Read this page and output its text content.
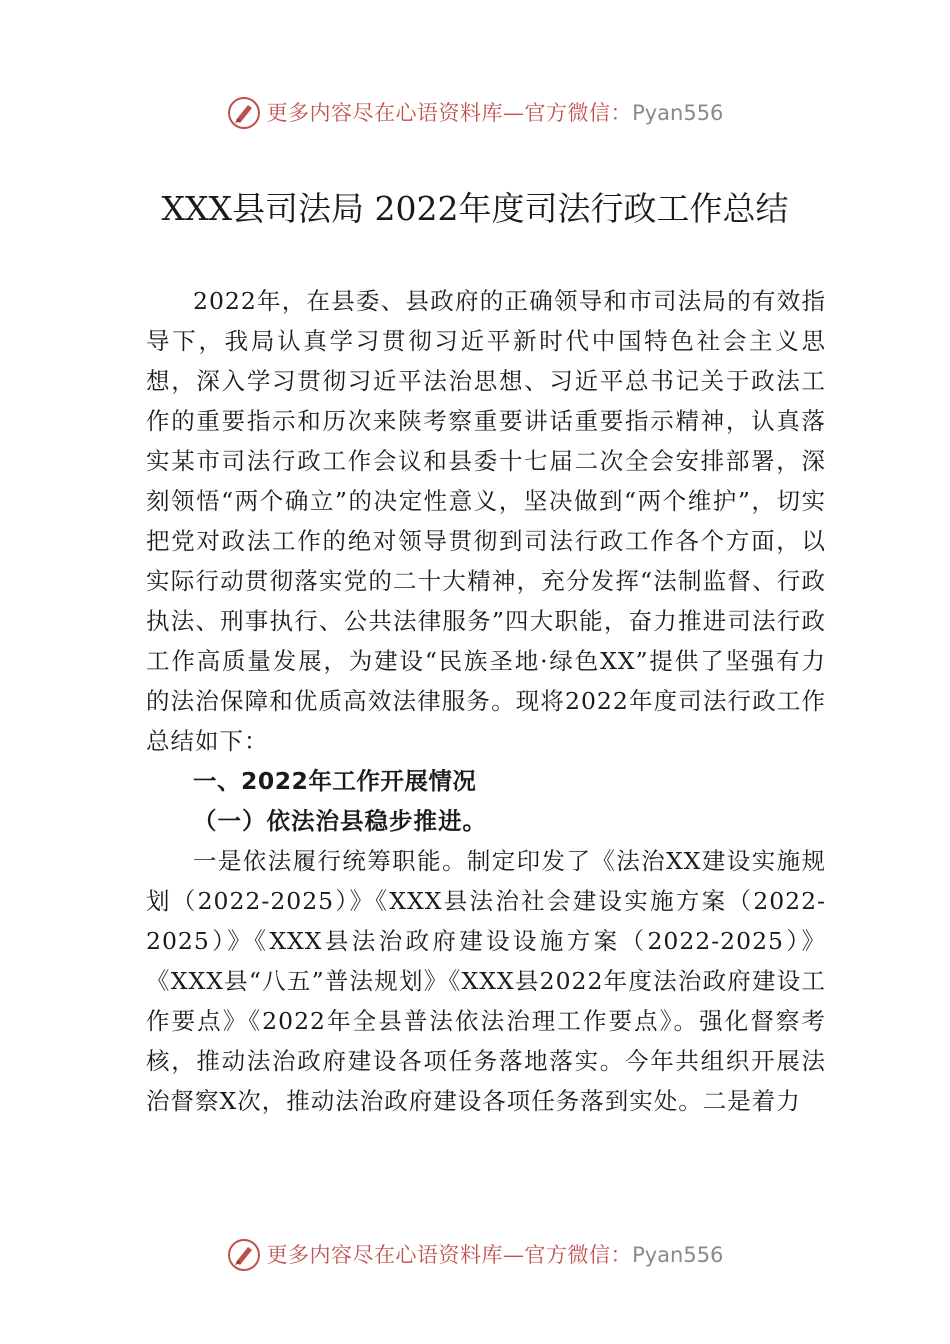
更多内容尽在心语资料库—官方微信： Pyan556
XXX县司法局 2022年度司法行政工作总结

2022年，在县委、县政府的正确领导和市司法局的有效指导下，我局认真学习贯彻习近平新时代中国特色社会主义思想，深入学习贯彻习近平法治思想、习近平总书记关于政法工作的重要指示和历次来陕考察重要讲话重要指示精神，认真落实某市司法行政工作会议和县委十七届二次全会安排部署，深刻领悟“两个确立”的决定性意义，坚决做到“两个维护”，切实把党对政法工作的绝对领导贯彻到司法行政工作各个方面，以实际行动贯彻落实党的二十大精神，充分发挥“法制监督、行政执法、刑事执行、公共法律服务”四大职能，奋力推进司法行政工作高质量发展，为建设“民族圣地·绿色XX”提供了坚强有力的法治保障和优质高效法律服务。现将2022年度司法行政工作总结如下：

一、2022年工作开展情况
（一）依法治县稳步推进。

一是依法履行统筹职能。制定印发了《法治XX建设实施规划（2022-2025）》《XXX县法治社会建设实施方案（2022-2025）》《XXX县法治政府建设设施方案（2022-2025）》《XXX县“八五”普法规划》《XXX县2022年度法治政府建设工作要点》《2022年全县普法依法治理工作要点》。强化督察考核，推动法治政府建设各项任务落地落实。今年共组织开展法治督察X次，推动法治政府建设各项任务落到实处。二是着力

更多内容尽在心语资料库—官方微信： Pyan556
